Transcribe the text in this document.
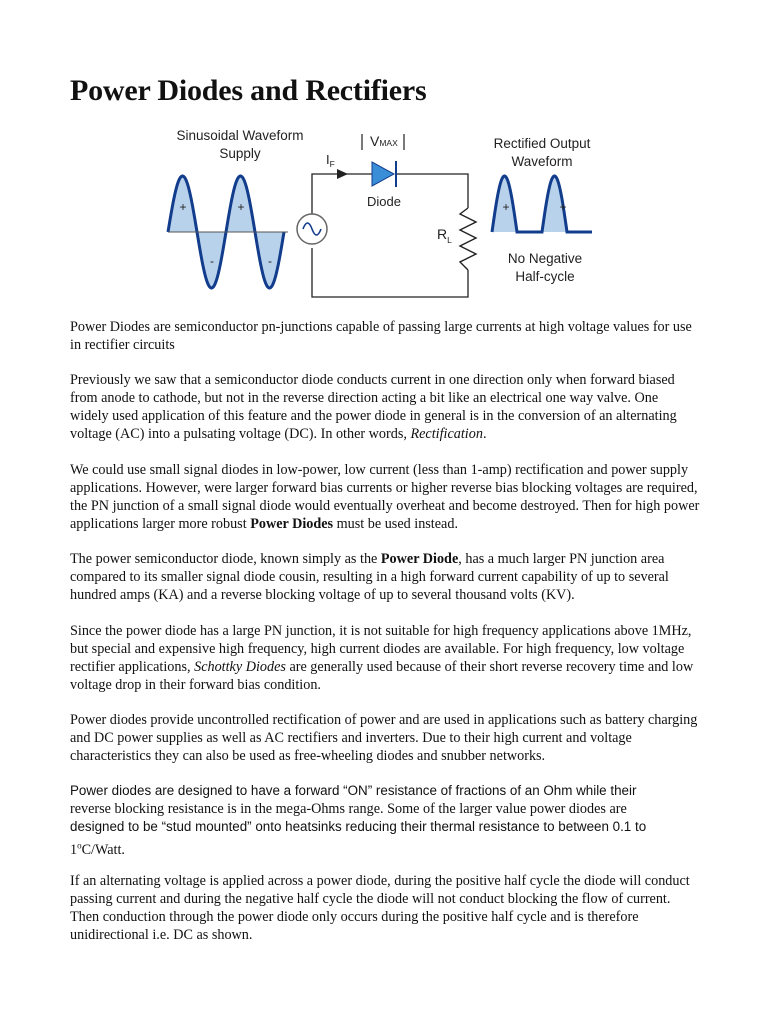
Power Diodes and Rectifiers
Sinusoidal Waveform
Supply
+	+
-	-
$I_F$
Diode
VMAX
$R_L$
Rectified Output
Waveform
+	+
No Negative
Half-cycle

Power Diodes are semiconductor pn-junctions capable of passing large currents at high voltage values for use in rectifier circuits

Previously we saw that a semiconductor diode conducts current in one direction only when forward biased from anode to cathode, but not in the reverse direction acting a bit like an electrical one way valve. One widely used application of this feature and the power diode in general is in the conversion of an alternating voltage (AC) into a pulsating voltage (DC). In other words, Rectification.

We could use small signal diodes in low-power, low current (less than 1-amp) rectification and power supply applications. However, were larger forward bias currents or higher reverse bias blocking voltages are required, the PN junction of a small signal diode would eventually overheat and become destroyed. Then for high power applications larger more robust Power Diodes must be used instead.

The power semiconductor diode, known simply as the Power Diode, has a much larger PN junction area compared to its smaller signal diode cousin, resulting in a high forward current capability of up to several hundred amps (KA) and a reverse blocking voltage of up to several thousand volts (KV).

Since the power diode has a large PN junction, it is not suitable for high frequency applications above 1MHz, but special and expensive high frequency, high current diodes are available. For high frequency, low voltage rectifier applications, Schottky Diodes are generally used because of their short reverse recovery time and low voltage drop in their forward bias condition.

Power diodes provide uncontrolled rectification of power and are used in applications such as battery charging and DC power supplies as well as AC rectifiers and inverters. Due to their high current and voltage characteristics they can also be used as free-wheeling diodes and snubber networks.

Power diodes are designed to have a forward “ON” resistance of fractions of an Ohm while their
reverse blocking resistance is in the mega-Ohms range. Some of the larger value power diodes are
designed to be “stud mounted” onto heatsinks reducing their thermal resistance to between 0.1 to
1$^o$C/Watt.

If an alternating voltage is applied across a power diode, during the positive half cycle the diode will conduct passing current and during the negative half cycle the diode will not conduct blocking the flow of current. Then conduction through the power diode only occurs during the positive half cycle and is therefore unidirectional i.e. DC as shown.
